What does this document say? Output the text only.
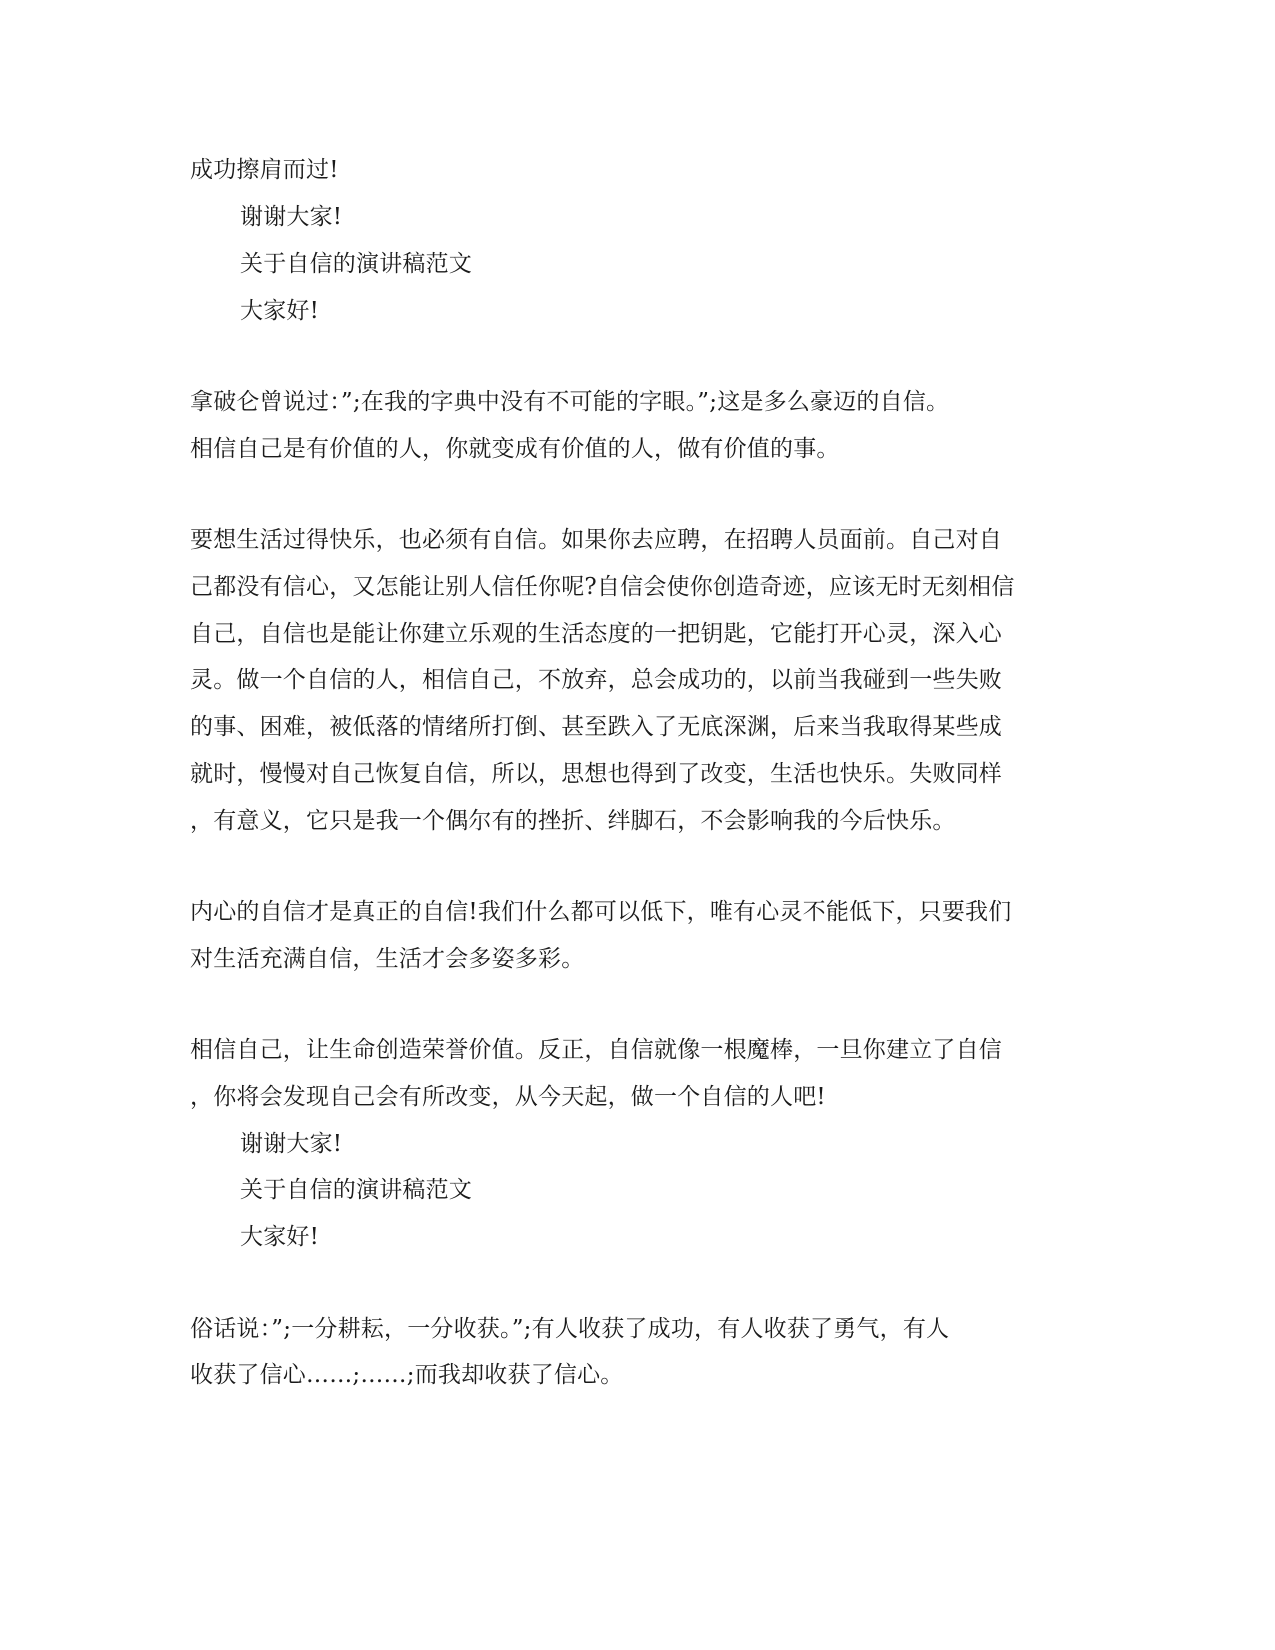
成功擦肩而过!
谢谢大家!
关于自信的演讲稿范文
大家好!
拿破仑曾说过：”;在我的字典中没有不可能的字眼。”;这是多么豪迈的自信。
相信自己是有价值的人，你就变成有价值的人，做有价值的事。
要想生活过得快乐，也必须有自信。如果你去应聘，在招聘人员面前。自己对自
己都没有信心，又怎能让别人信任你呢?自信会使你创造奇迹，应该无时无刻相信
自己，自信也是能让你建立乐观的生活态度的一把钥匙，它能打开心灵，深入心
灵。做一个自信的人，相信自己，不放弃，总会成功的，以前当我碰到一些失败
的事、困难，被低落的情绪所打倒、甚至跌入了无底深渊，后来当我取得某些成
就时，慢慢对自己恢复自信，所以，思想也得到了改变，生活也快乐。失败同样
，有意义，它只是我一个偶尔有的挫折、绊脚石，不会影响我的今后快乐。
内心的自信才是真正的自信!我们什么都可以低下，唯有心灵不能低下，只要我们
对生活充满自信，生活才会多姿多彩。
相信自己，让生命创造荣誉价值。反正，自信就像一根魔棒，一旦你建立了自信
，你将会发现自己会有所改变，从今天起，做一个自信的人吧!
谢谢大家!
关于自信的演讲稿范文
大家好!
俗话说：”;一分耕耘，一分收获。”;有人收获了成功，有人收获了勇气，有人
收获了信心……;……;而我却收获了信心。
